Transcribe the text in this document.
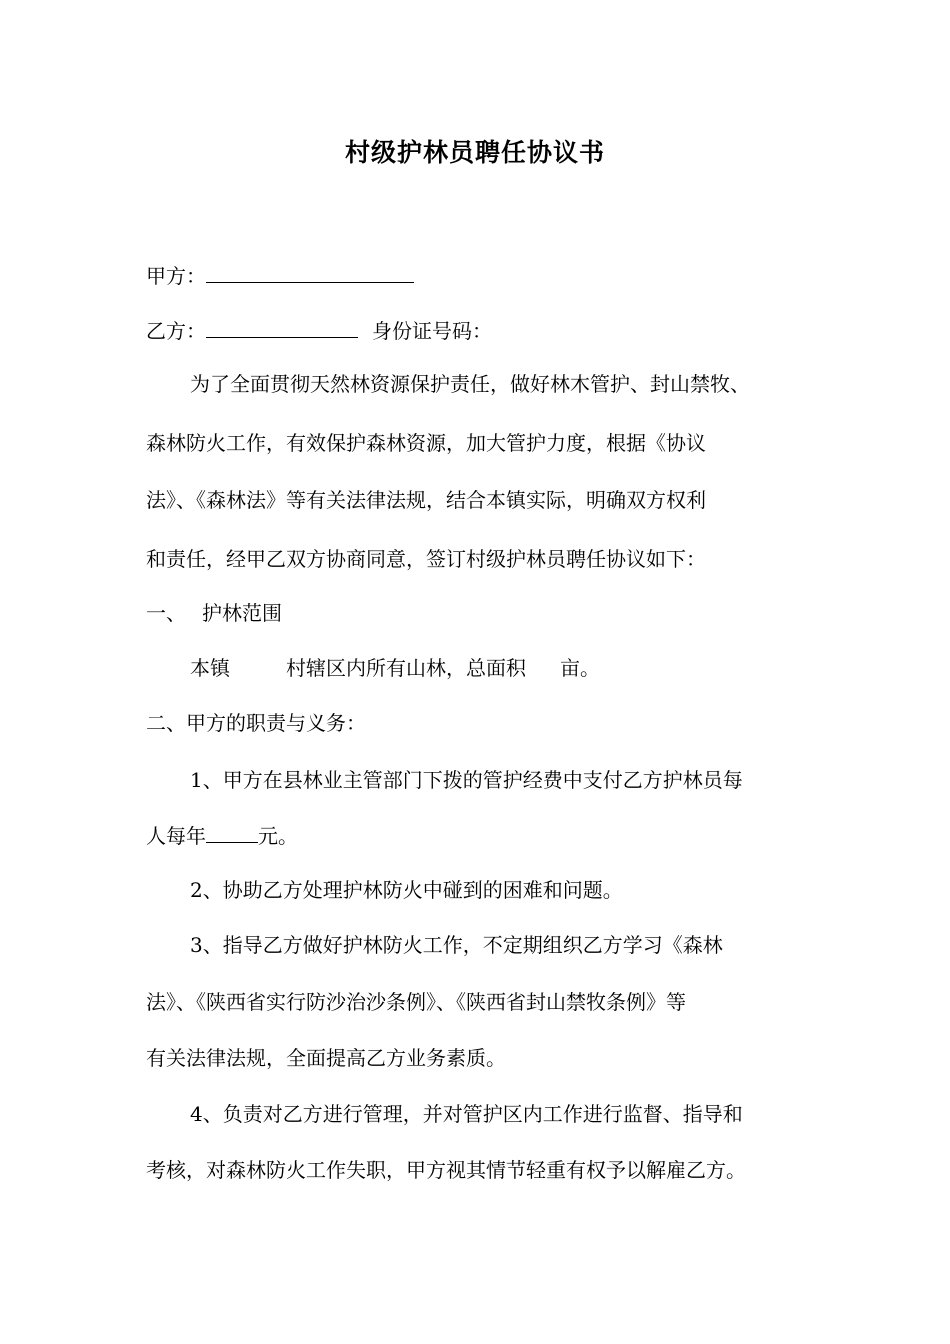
村级护林员聘任协议书
甲方：
乙方：	身份证号码：
为了全面贯彻天然林资源保护责任，做好林木管护、封山禁牧、
森林防火工作，有效保护森林资源，加大管护力度，根据《协议
法》、《森林法》等有关法律法规，结合本镇实际，明确双方权利
和责任，经甲乙双方协商同意，签订村级护林员聘任协议如下：
一、 护林范围
本镇	村辖区内所有山林，总面积 亩。
二、甲方的职责与义务：
1、甲方在县林业主管部门下拨的管护经费中支付乙方护林员每
人每年	元。
2、协助乙方处理护林防火中碰到的困难和问题。
3、指导乙方做好护林防火工作，不定期组织乙方学习《森林
法》、《陕西省实行防沙治沙条例》、《陕西省封山禁牧条例》等
有关法律法规，全面提高乙方业务素质。
4、负责对乙方进行管理，并对管护区内工作进行监督、指导和
考核，对森林防火工作失职，甲方视其情节轻重有权予以解雇乙方。
